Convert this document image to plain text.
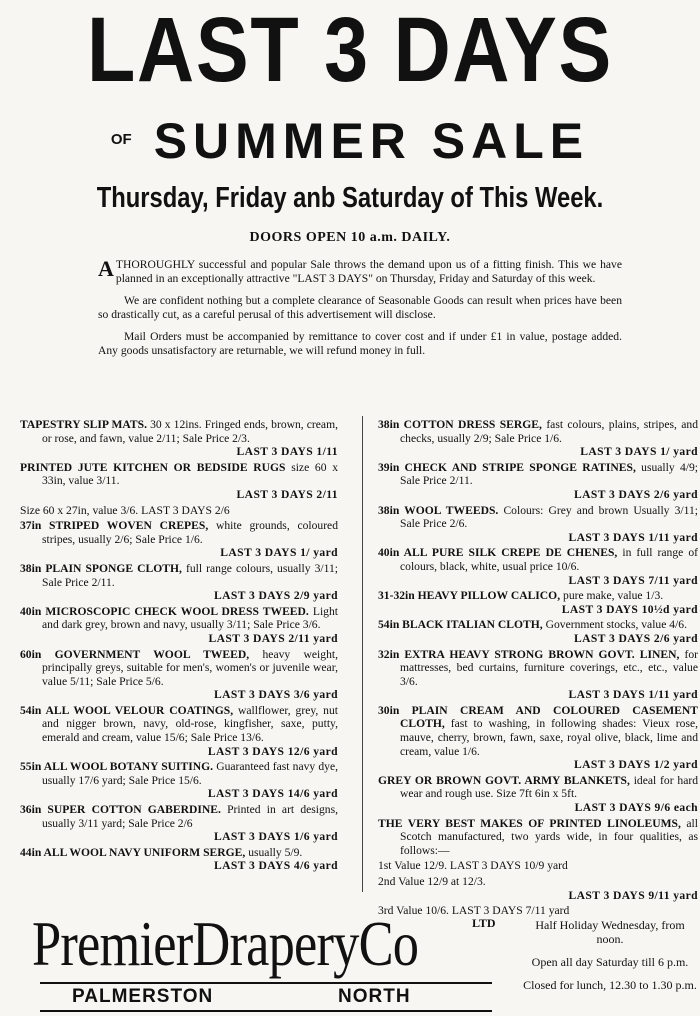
LAST 3 DAYS
OF SUMMER SALE
Thursday, Friday anb Saturday of This Week.
DOORS OPEN 10 a.m. DAILY.

ATHOROUGHLY successful and popular Sale throws the demand upon us of a fitting finish. This we have planned in an exceptionally attractive "LAST 3 DAYS" on Thursday, Friday and Saturday of this week.

We are confident nothing but a complete clearance of Seasonable Goods can result when prices have been so drastically cut, as a careful perusal of this advertisement will disclose.

Mail Orders must be accompanied by remittance to cover cost and if under £1 in value, postage added. Any goods unsatisfactory are returnable, we will refund money in full.

TAPESTRY SLIP MATS. 30 x 12ins. Fringed ends, brown, cream, or rose, and fawn, value 2/11; Sale Price 2/3.
LAST 3 DAYS 1/11
PRINTED JUTE KITCHEN OR BEDSIDE RUGS size 60 x 33in, value 3/11.
LAST 3 DAYS 2/11
Size 60 x 27in, value 3/6. LAST 3 DAYS 2/6
37in STRIPED WOVEN CREPES, white grounds, coloured stripes, usually 2/6; Sale Price 1/6.
LAST 3 DAYS 1/ yard
38in PLAIN SPONGE CLOTH, full range colours, usually 3/11; Sale Price 2/11.
LAST 3 DAYS 2/9 yard
40in MICROSCOPIC CHECK WOOL DRESS TWEED. Light and dark grey, brown and navy, usually 3/11; Sale Price 3/6.
LAST 3 DAYS 2/11 yard
60in GOVERNMENT WOOL TWEED, heavy weight, principally greys, suitable for men's, women's or juvenile wear, value 5/11; Sale Price 5/6.
LAST 3 DAYS 3/6 yard
54in ALL WOOL VELOUR COATINGS, wallflower, grey, nut and nigger brown, navy, old-rose, kingfisher, saxe, putty, emerald and cream, value 15/6; Sale Price 13/6.
LAST 3 DAYS 12/6 yard
55in ALL WOOL BOTANY SUITING. Guaranteed fast navy dye, usually 17/6 yard; Sale Price 15/6.
LAST 3 DAYS 14/6 yard
36in SUPER COTTON GABERDINE. Printed in art designs, usually 3/11 yard; Sale Price 2/6
LAST 3 DAYS 1/6 yard
44in ALL WOOL NAVY UNIFORM SERGE, usually 5/9.
LAST 3 DAYS 4/6 yard
38in COTTON DRESS SERGE, fast colours, plains, stripes, and checks, usually 2/9; Sale Price 1/6.
LAST 3 DAYS 1/ yard
39in CHECK AND STRIPE SPONGE RATINES, usually 4/9; Sale Price 2/11.
LAST 3 DAYS 2/6 yard
38in WOOL TWEEDS. Colours: Grey and brown Usually 3/11; Sale Price 2/6.
LAST 3 DAYS 1/11 yard
40in ALL PURE SILK CREPE DE CHENES, in full range of colours, black, white, usual price 10/6.
LAST 3 DAYS 7/11 yard
31-32in HEAVY PILLOW CALICO, pure make, value 1/3.
LAST 3 DAYS 10½d yard
54in BLACK ITALIAN CLOTH, Government stocks, value 4/6.
LAST 3 DAYS 2/6 yard
32in EXTRA HEAVY STRONG BROWN GOVT. LINEN, for mattresses, bed curtains, furniture coverings, etc., etc., value 3/6.
LAST 3 DAYS 1/11 yard
30in PLAIN CREAM AND COLOURED CASEMENT CLOTH, fast to washing, in following shades: Vieux rose, mauve, cherry, brown, fawn, saxe, royal olive, black, lime and cream, value 1/6.
LAST 3 DAYS 1/2 yard
GREY OR BROWN GOVT. ARMY BLANKETS, ideal for hard wear and rough use. Size 7ft 6in x 5ft.
LAST 3 DAYS 9/6 each
THE VERY BEST MAKES OF PRINTED LINOLEUMS, all Scotch manufactured, two yards wide, in four qualities, as follows:—
1st Value 12/9. LAST 3 DAYS 10/9 yard
2nd Value 12/9 at 12/3.
LAST 3 DAYS 9/11 yard
3rd Value 10/6. LAST 3 DAYS 7/11 yard
PremierDraperyCo	LTD
PALMERSTON	NORTH

Half Holiday Wednesday, from noon.

Open all day Saturday till 6 p.m.

Closed for lunch, 12.30 to 1.30 p.m.
